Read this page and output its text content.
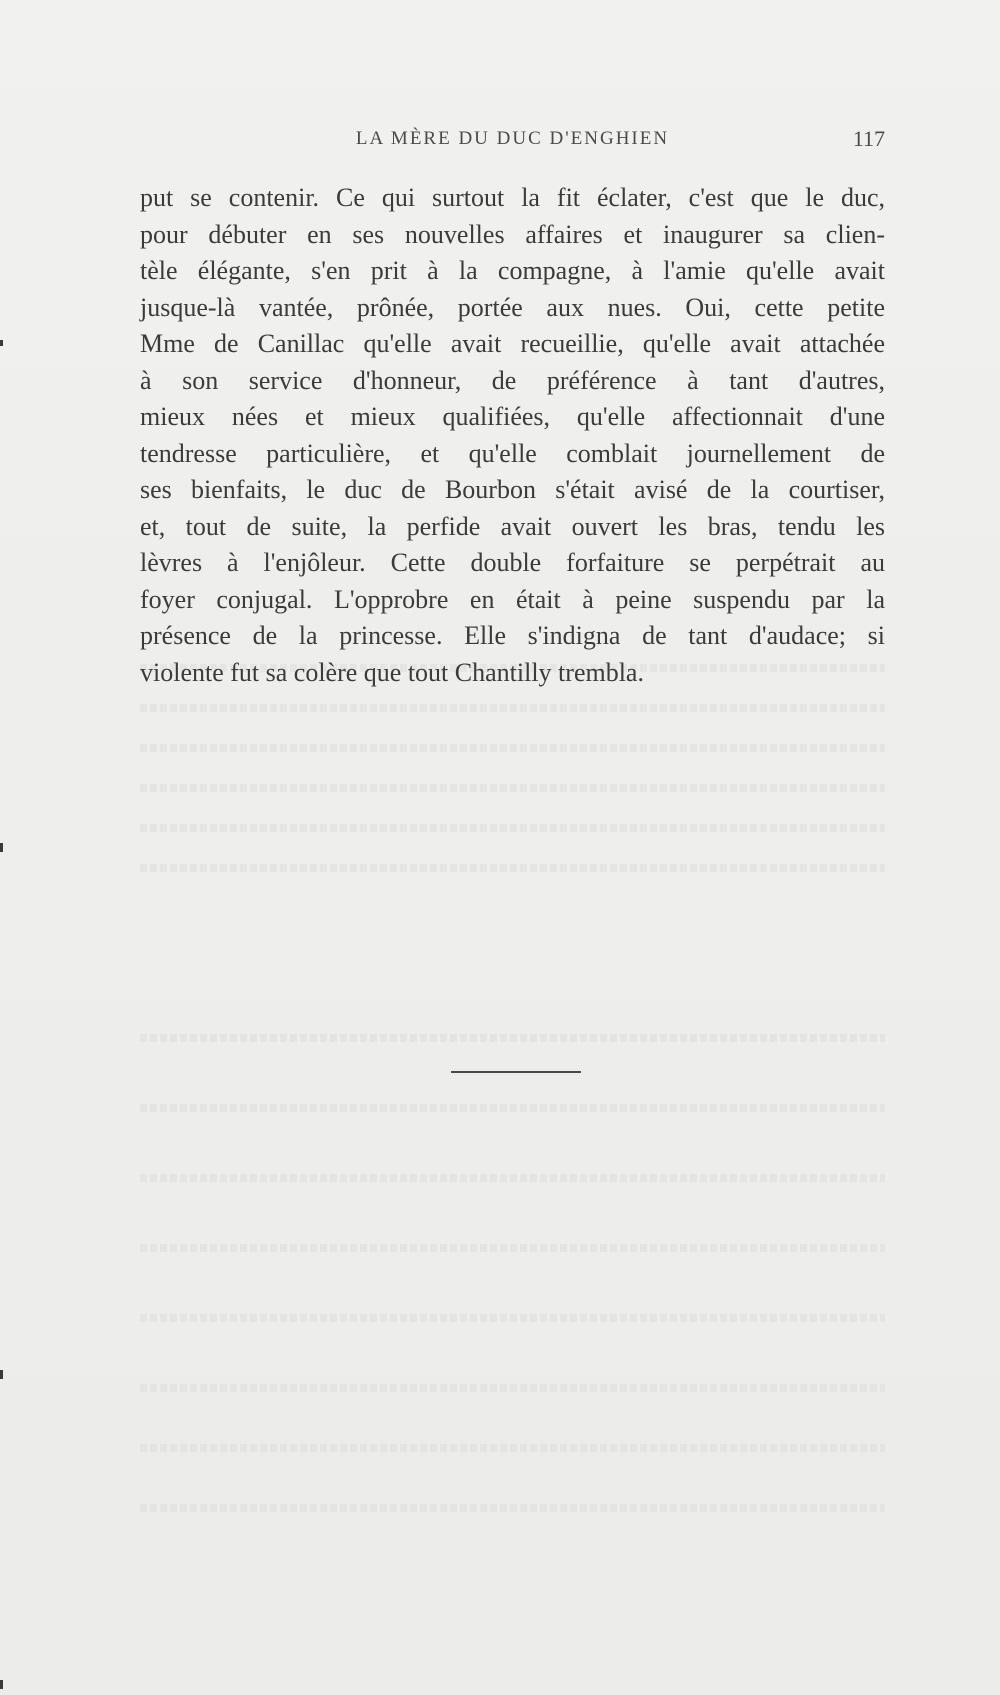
LA MÈRE DU DUC D'ENGHIEN	117
put se contenir. Ce qui surtout la fit éclater, c'est que le duc,
pour débuter en ses nouvelles affaires et inaugurer sa clien-
tèle élégante, s'en prit à la compagne, à l'amie qu'elle avait
jusque-là vantée, prônée, portée aux nues. Oui, cette petite
Mme de Canillac qu'elle avait recueillie, qu'elle avait attachée
à son service d'honneur, de préférence à tant d'autres,
mieux nées et mieux qualifiées, qu'elle affectionnait d'une
tendresse particulière, et qu'elle comblait journellement de
ses bienfaits, le duc de Bourbon s'était avisé de la courtiser,
et, tout de suite, la perfide avait ouvert les bras, tendu les
lèvres à l'enjôleur. Cette double forfaiture se perpétrait au
foyer conjugal. L'opprobre en était à peine suspendu par la
présence de la princesse. Elle s'indigna de tant d'audace; si
violente fut sa colère que tout Chantilly trembla.
